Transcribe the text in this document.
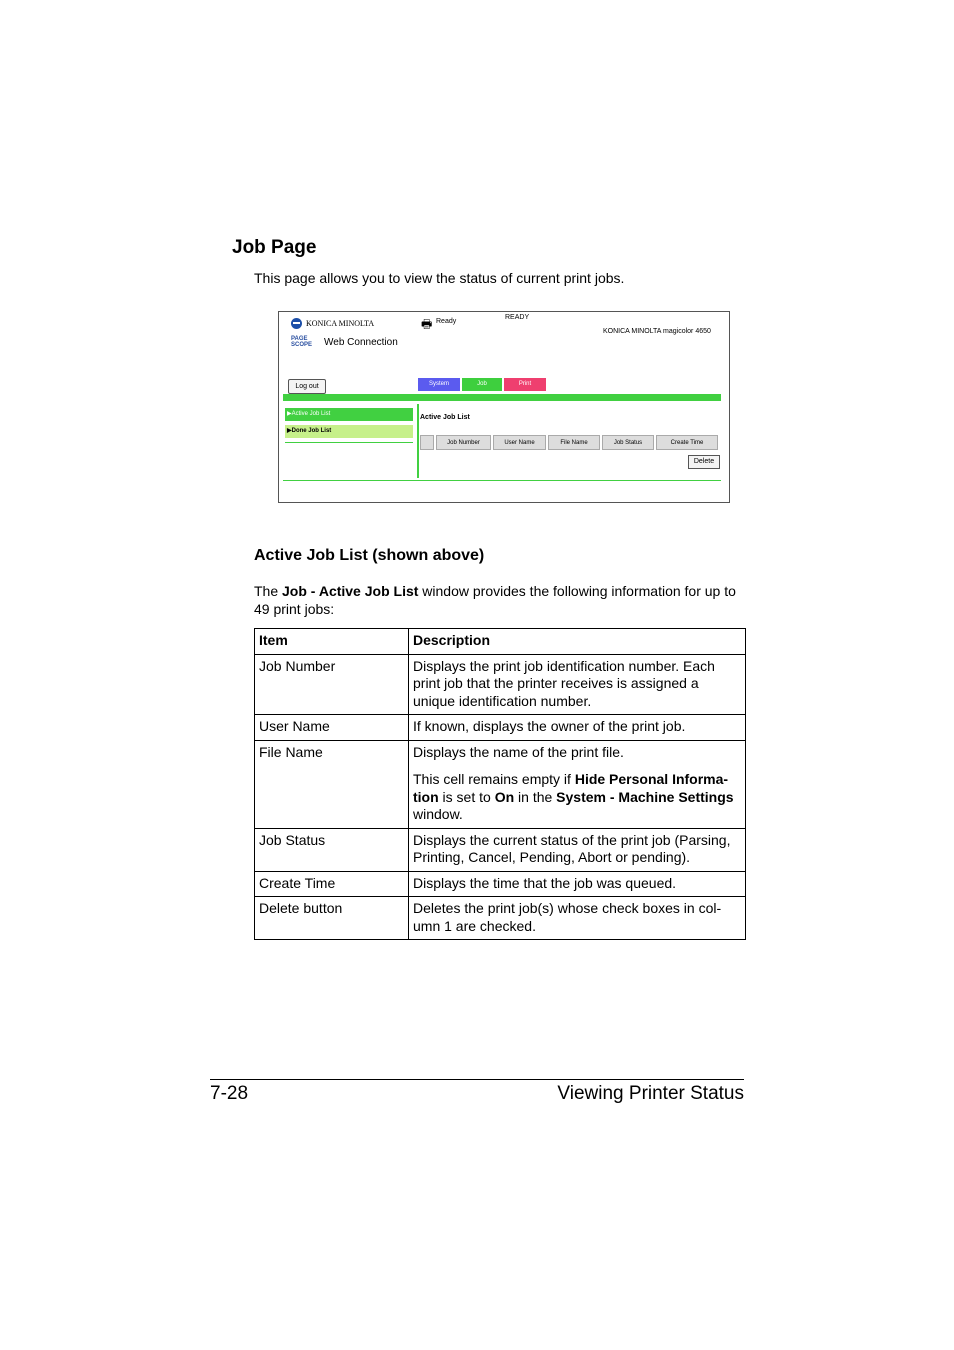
Job Page
This page allows you to view the status of current print jobs.
KONICA MINOLTA
PAGE SCOPE	Web Connection
🖶 Ready
READY
KONICA MINOLTA magicolor 4650
Log out	System	Job	Print
▶Active Job List
▶Done Job List
Active Job List
Job Number	User Name	File Name	Job Status	Create Time
Delete
Active Job List (shown above)
The Job - Active Job List window provides the following information for up to 49 print jobs:
Item	Description
Job Number	Displays the print job identification number. Each print job that the printer receives is assigned a unique identification number.
User Name	If known, displays the owner of the print job.
File Name	Displays the name of the print file.

This cell remains empty if Hide Personal Informa-tion is set to On in the System - Machine Settings window.

Job Status	Displays the current status of the print job (Parsing, Printing, Cancel, Pending, Abort or pending).
Create Time	Displays the time that the job was queued.
Delete button	Deletes the print job(s) whose check boxes in col-umn 1 are checked.
7-28	Viewing Printer Status
